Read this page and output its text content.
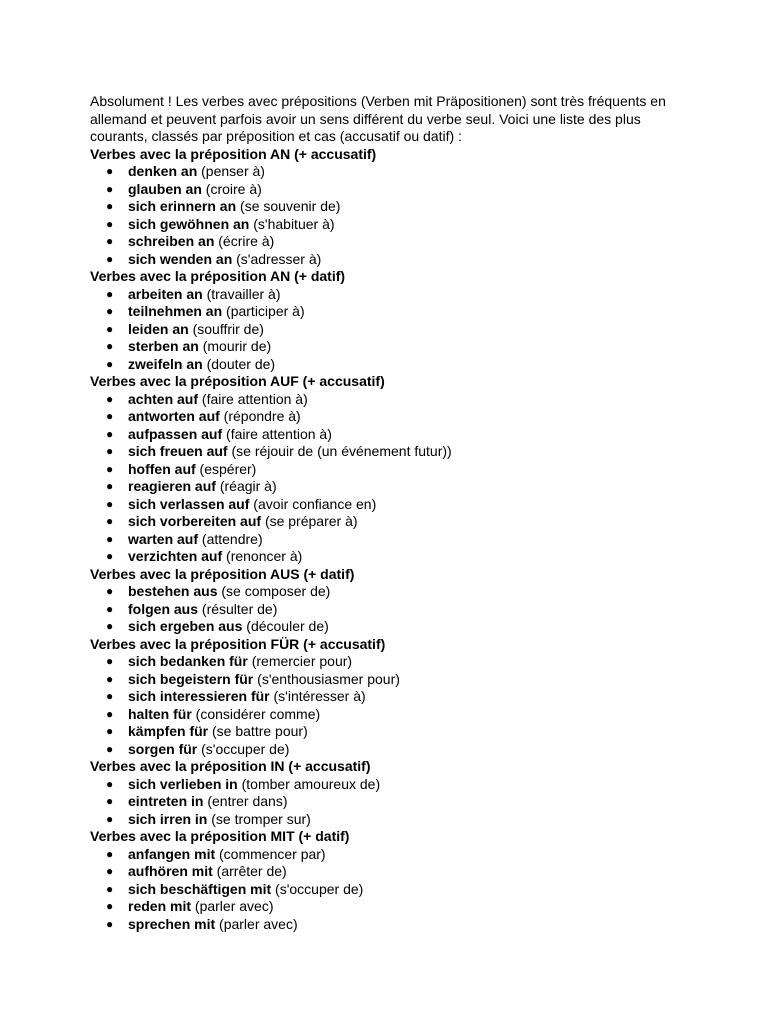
Absolument ! Les verbes avec prépositions (Verben mit Präpositionen) sont très fréquents en allemand et peuvent parfois avoir un sens différent du verbe seul. Voici une liste des plus courants, classés par préposition et cas (accusatif ou datif) :

Verbes avec la préposition AN (+ accusatif)
● denken an (penser à)
● glauben an (croire à)
● sich erinnern an (se souvenir de)
● sich gewöhnen an (s'habituer à)
● schreiben an (écrire à)
● sich wenden an (s'adresser à)
Verbes avec la préposition AN (+ datif)
● arbeiten an (travailler à)
● teilnehmen an (participer à)
● leiden an (souffrir de)
● sterben an (mourir de)
● zweifeln an (douter de)
Verbes avec la préposition AUF (+ accusatif)
● achten auf (faire attention à)
● antworten auf (répondre à)
● aufpassen auf (faire attention à)
● sich freuen auf (se réjouir de (un événement futur))
● hoffen auf (espérer)
● reagieren auf (réagir à)
● sich verlassen auf (avoir confiance en)
● sich vorbereiten auf (se préparer à)
● warten auf (attendre)
● verzichten auf (renoncer à)
Verbes avec la préposition AUS (+ datif)
● bestehen aus (se composer de)
● folgen aus (résulter de)
● sich ergeben aus (découler de)
Verbes avec la préposition FÜR (+ accusatif)
● sich bedanken für (remercier pour)
● sich begeistern für (s'enthousiasmer pour)
● sich interessieren für (s'intéresser à)
● halten für (considérer comme)
● kämpfen für (se battre pour)
● sorgen für (s'occuper de)
Verbes avec la préposition IN (+ accusatif)
● sich verlieben in (tomber amoureux de)
● eintreten in (entrer dans)
● sich irren in (se tromper sur)
Verbes avec la préposition MIT (+ datif)
● anfangen mit (commencer par)
● aufhören mit (arrêter de)
● sich beschäftigen mit (s'occuper de)
● reden mit (parler avec)
● sprechen mit (parler avec)
